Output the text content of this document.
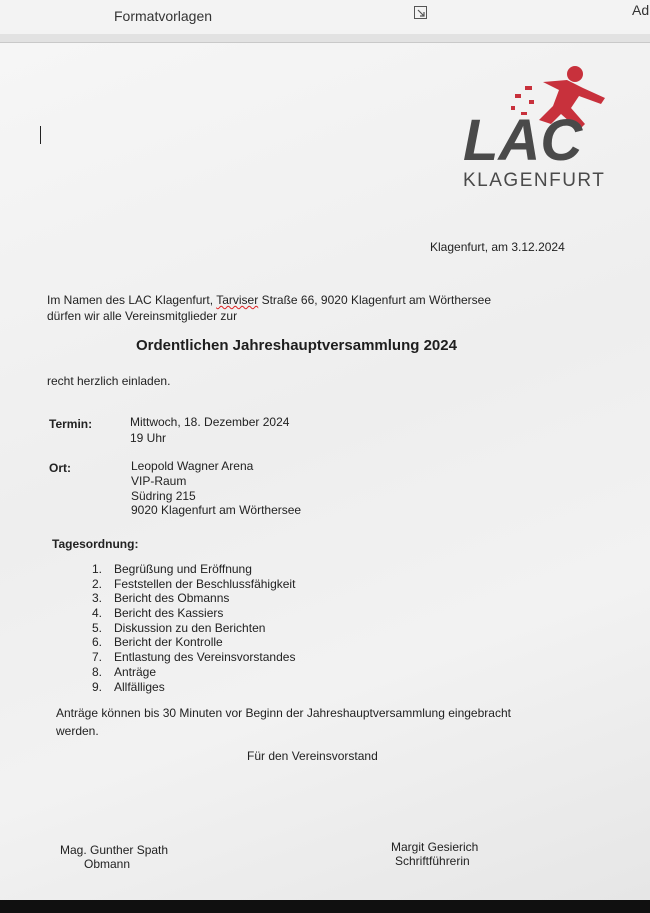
Formatvorlagen	Ad
LAC
KLAGENFURT
Klagenfurt, am 3.12.2024
Im Namen des LAC Klagenfurt, Tarviser Straße 66, 9020 Klagenfurt am Wörthersee
dürfen wir alle Vereinsmitglieder zur
Ordentlichen Jahreshauptversammlung 2024
recht herzlich einladen.
Termin:	Mittwoch, 18. Dezember 2024
19 Uhr
Ort:	Leopold Wagner Arena
VIP-Raum
Südring 215
9020 Klagenfurt am Wörthersee
Tagesordnung:
1. Begrüßung und Eröffnung
2. Feststellen der Beschlussfähigkeit
3. Bericht des Obmanns
4. Bericht des Kassiers
5. Diskussion zu den Berichten
6. Bericht der Kontrolle
7. Entlastung des Vereinsvorstandes
8. Anträge
9. Allfälliges
Anträge können bis 30 Minuten vor Beginn der Jahreshauptversammlung eingebracht
werden.
Für den Vereinsvorstand
Mag. Gunther Spath
Obmann
Margit Gesierich
Schriftführerin
